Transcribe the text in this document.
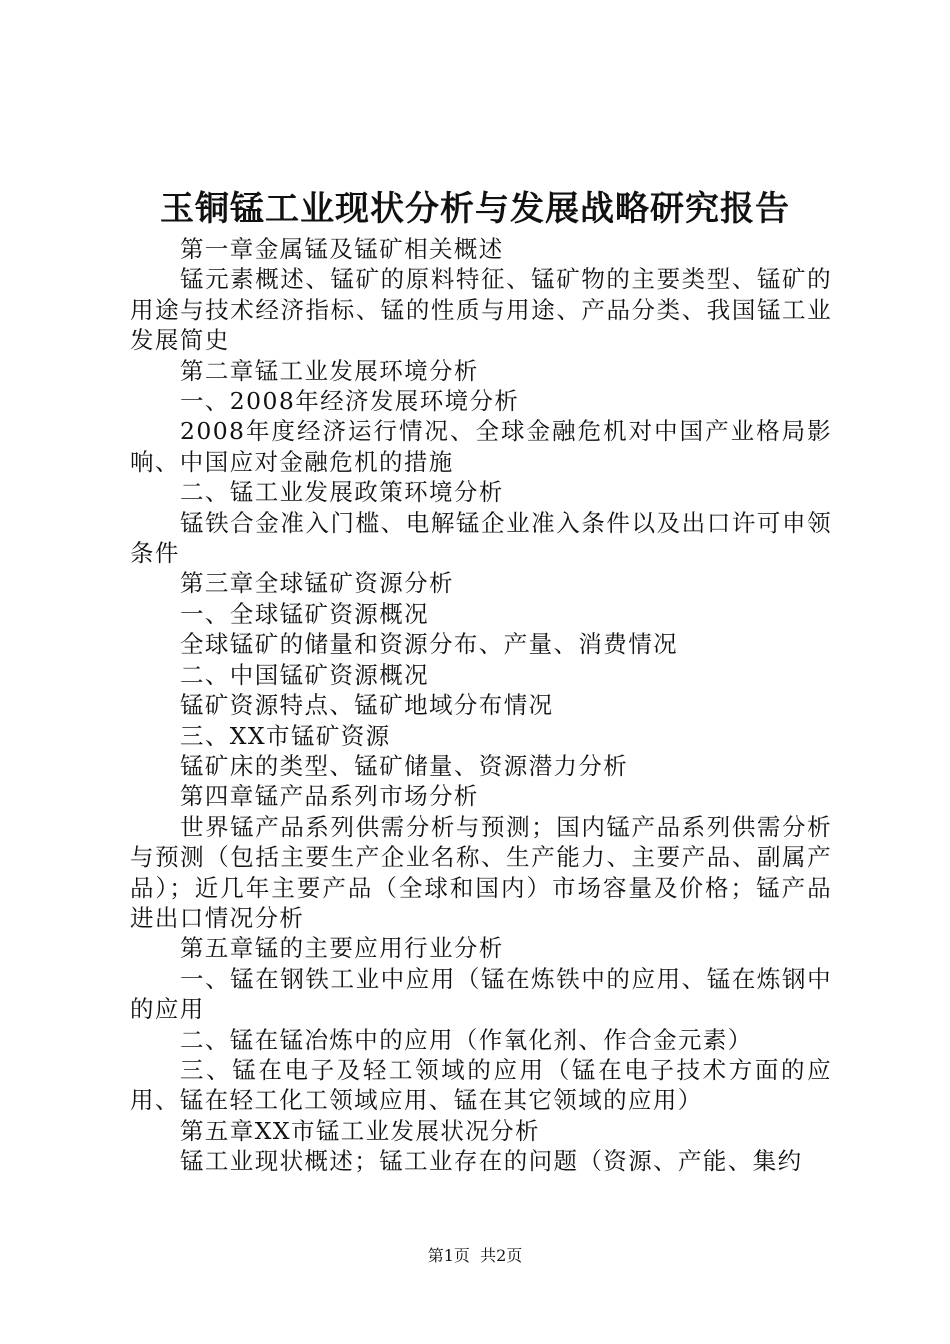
玉铜锰工业现状分析与发展战略研究报告

第一章金属锰及锰矿相关概述

锰元素概述、锰矿的原料特征、锰矿物的主要类型、锰矿的用途与技术经济指标、锰的性质与用途、产品分类、我国锰工业发展简史

第二章锰工业发展环境分析

一、2008年经济发展环境分析

2008年度经济运行情况、全球金融危机对中国产业格局影响、中国应对金融危机的措施

二、锰工业发展政策环境分析

锰铁合金准入门槛、电解锰企业准入条件以及出口许可申领条件

第三章全球锰矿资源分析

一、全球锰矿资源概况

全球锰矿的储量和资源分布、产量、消费情况

二、中国锰矿资源概况

锰矿资源特点、锰矿地域分布情况

三、XX市锰矿资源

锰矿床的类型、锰矿储量、资源潜力分析

第四章锰产品系列市场分析

世界锰产品系列供需分析与预测；国内锰产品系列供需分析与预测（包括主要生产企业名称、生产能力、主要产品、副属产品）；近几年主要产品（全球和国内）市场容量及价格；锰产品进出口情况分析

第五章锰的主要应用行业分析

一、锰在钢铁工业中应用（锰在炼铁中的应用、锰在炼钢中的应用

二、锰在锰冶炼中的应用（作氧化剂、作合金元素）

三、锰在电子及轻工领域的应用（锰在电子技术方面的应用、锰在轻工化工领域应用、锰在其它领域的应用）

第五章XX市锰工业发展状况分析

锰工业现状概述；锰工业存在的问题（资源、产能、集约

第1页 共2页
